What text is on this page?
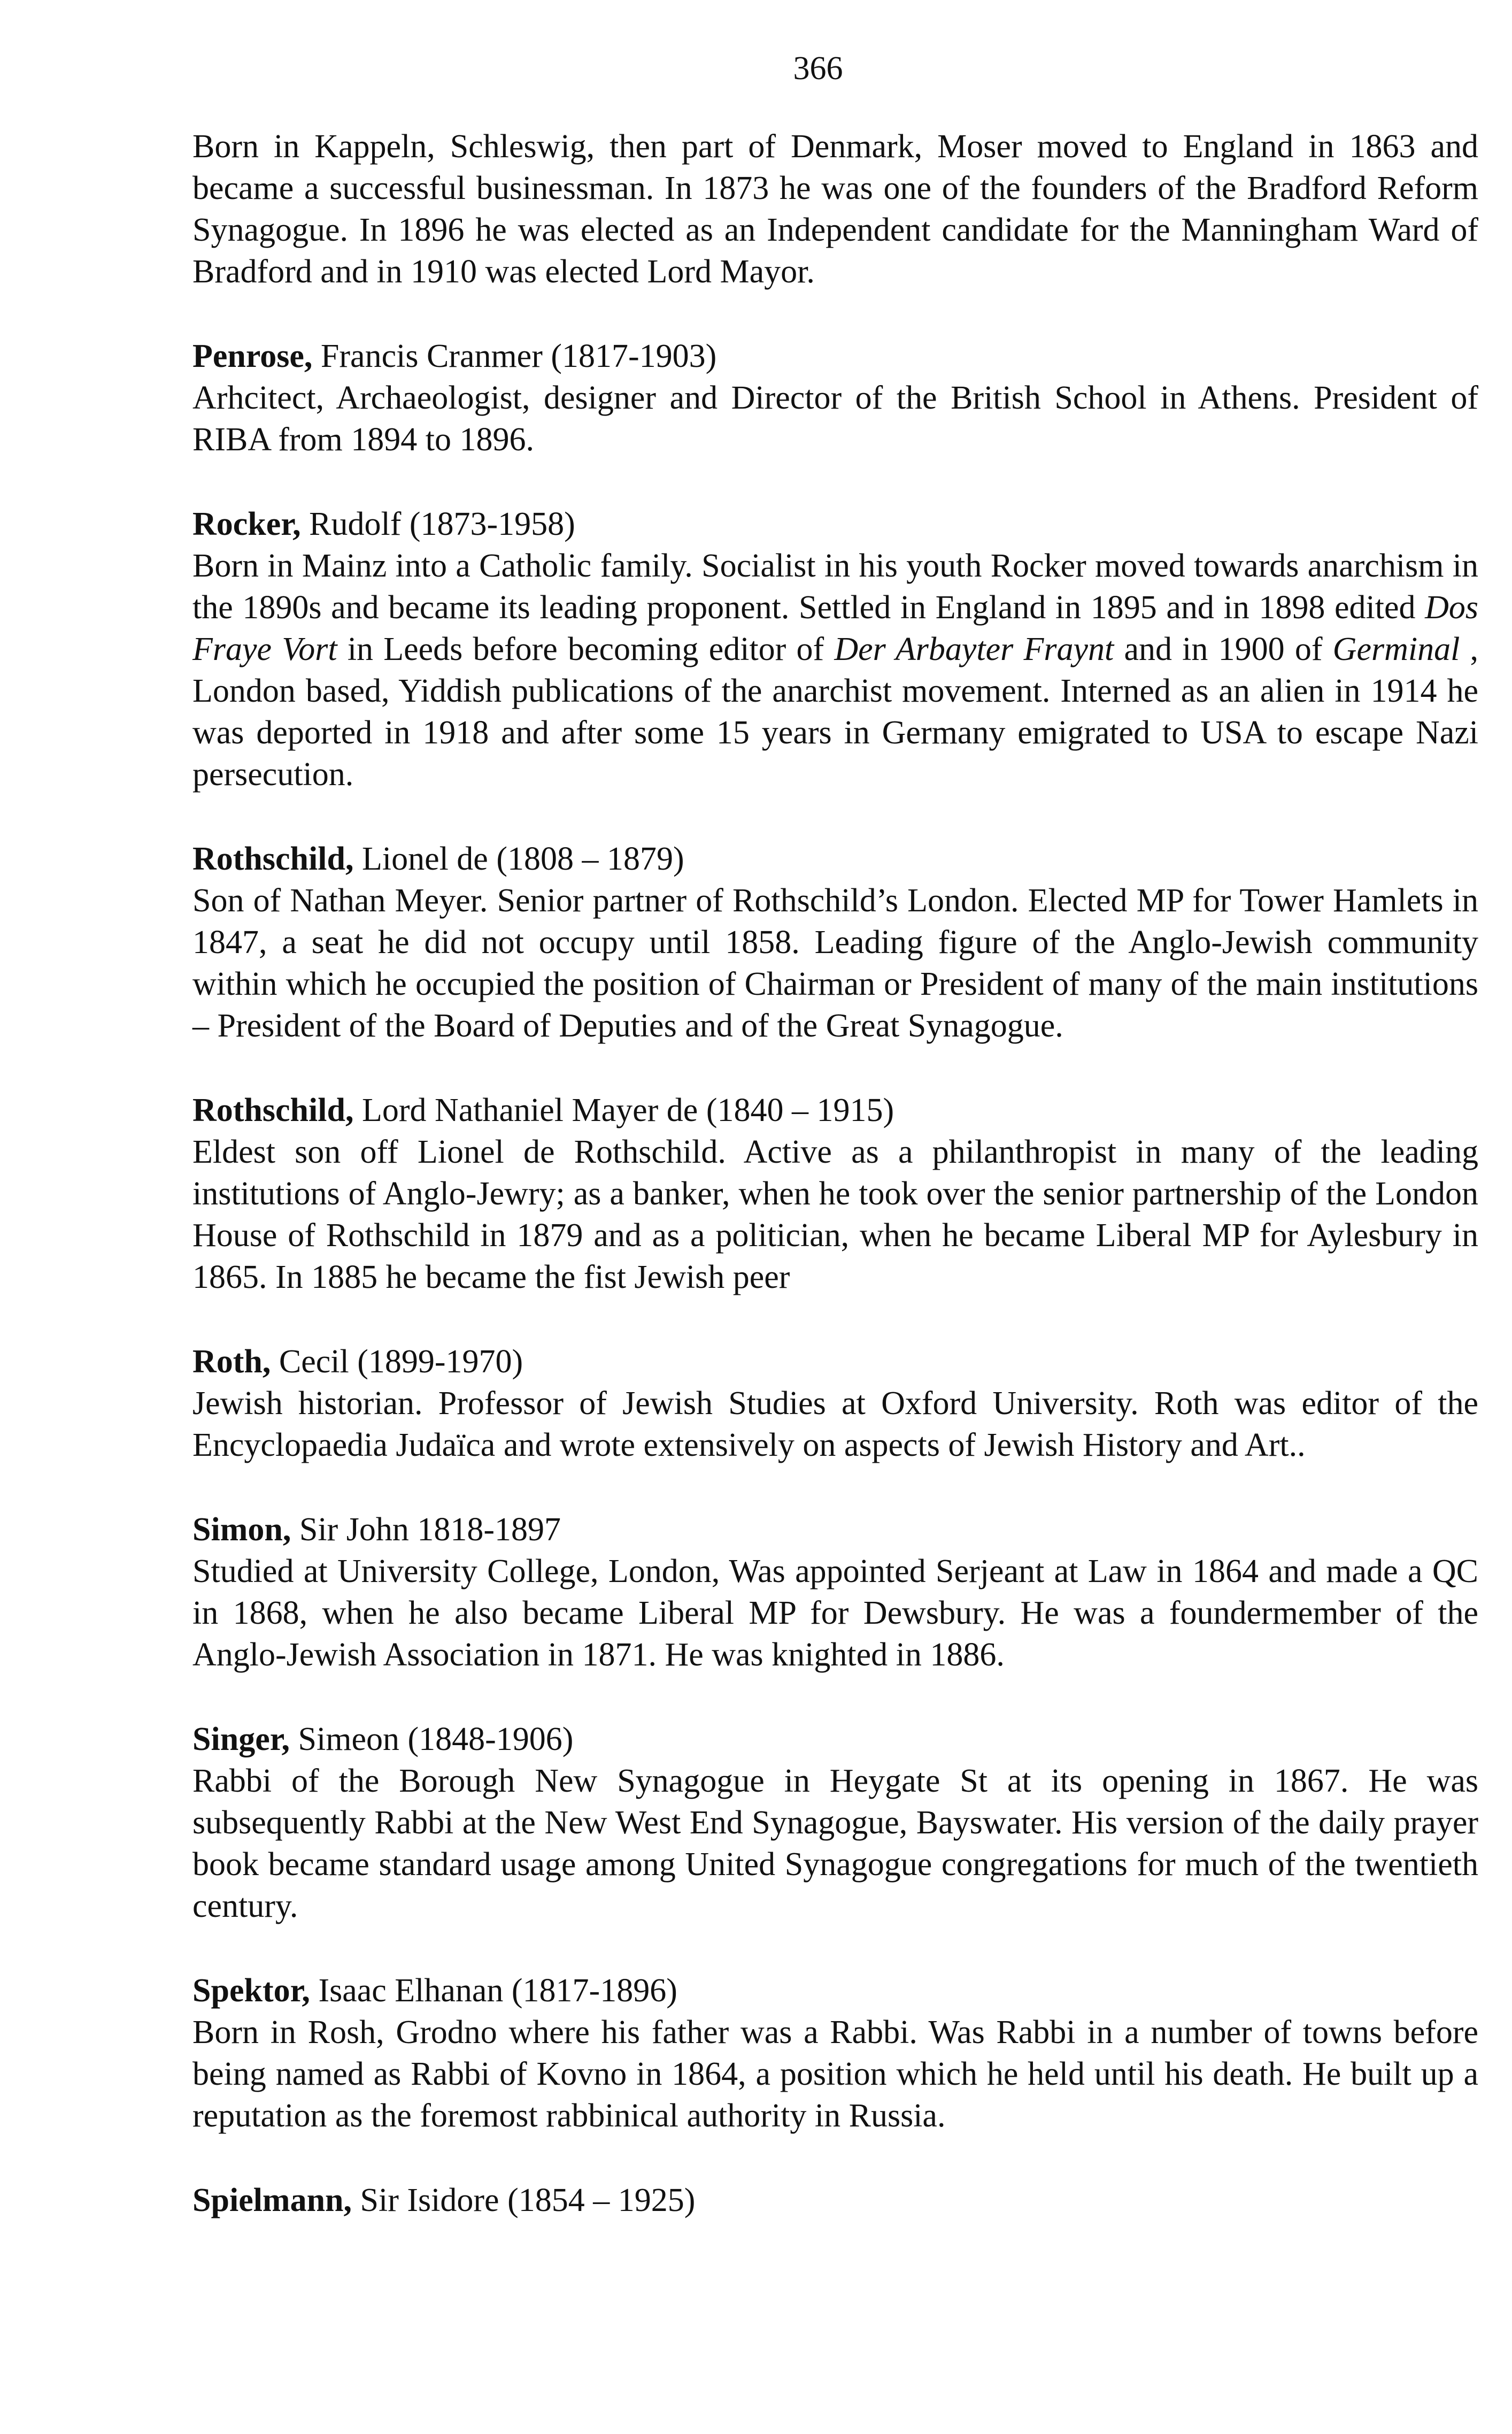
366

Born in Kappeln, Schleswig, then part of Denmark, Moser moved to England in 1863 and became a successful businessman. In 1873 he was one of the founders of the Bradford Reform Synagogue. In 1896 he was elected as an Independent candidate for the Manningham Ward of Bradford and in 1910 was elected Lord Mayor.

Penrose, Francis Cranmer (1817-1903)

Arhcitect, Archaeologist, designer and Director of the British School in Athens. President of RIBA from 1894 to 1896.

Rocker, Rudolf (1873-1958)

Born in Mainz into a Catholic family. Socialist in his youth Rocker moved towards anarchism in the 1890s and became its leading proponent. Settled in England in 1895 and in 1898 edited Dos Fraye Vort in Leeds before becoming editor of Der Arbayter Fraynt and in 1900 of Germinal , London based, Yiddish publications of the anarchist movement. Interned as an alien in 1914 he was deported in 1918 and after some 15 years in Germany emigrated to USA to escape Nazi persecution.

Rothschild, Lionel de (1808 – 1879)

Son of Nathan Meyer. Senior partner of Rothschild’s London. Elected MP for Tower Hamlets in 1847, a seat he did not occupy until 1858. Leading figure of the Anglo-Jewish community within which he occupied the position of Chairman or President of many of the main institutions – President of the Board of Deputies and of the Great Synagogue.

Rothschild, Lord Nathaniel Mayer de (1840 – 1915)

Eldest son off Lionel de Rothschild. Active as a philanthropist in many of the leading institutions of Anglo-Jewry; as a banker, when he took over the senior partnership of the London House of Rothschild in 1879 and as a politician, when he became Liberal MP for Aylesbury in 1865. In 1885 he became the fist Jewish peer

Roth, Cecil (1899-1970)

Jewish historian. Professor of Jewish Studies at Oxford University. Roth was editor of the Encyclopaedia Judaïca and wrote extensively on aspects of Jewish History and Art..

Simon, Sir John 1818-1897

Studied at University College, London, Was appointed Serjeant at Law in 1864 and made a QC in 1868, when he also became Liberal MP for Dewsbury. He was a foundermember of the Anglo-Jewish Association in 1871. He was knighted in 1886.

Singer, Simeon (1848-1906)

Rabbi of the Borough New Synagogue in Heygate St at its opening in 1867. He was subsequently Rabbi at the New West End Synagogue, Bayswater. His version of the daily prayer book became standard usage among United Synagogue congregations for much of the twentieth century.

Spektor, Isaac Elhanan (1817-1896)

Born in Rosh, Grodno where his father was a Rabbi. Was Rabbi in a number of towns before being named as Rabbi of Kovno in 1864, a position which he held until his death. He built up a reputation as the foremost rabbinical authority in Russia.

Spielmann, Sir Isidore (1854 – 1925)
